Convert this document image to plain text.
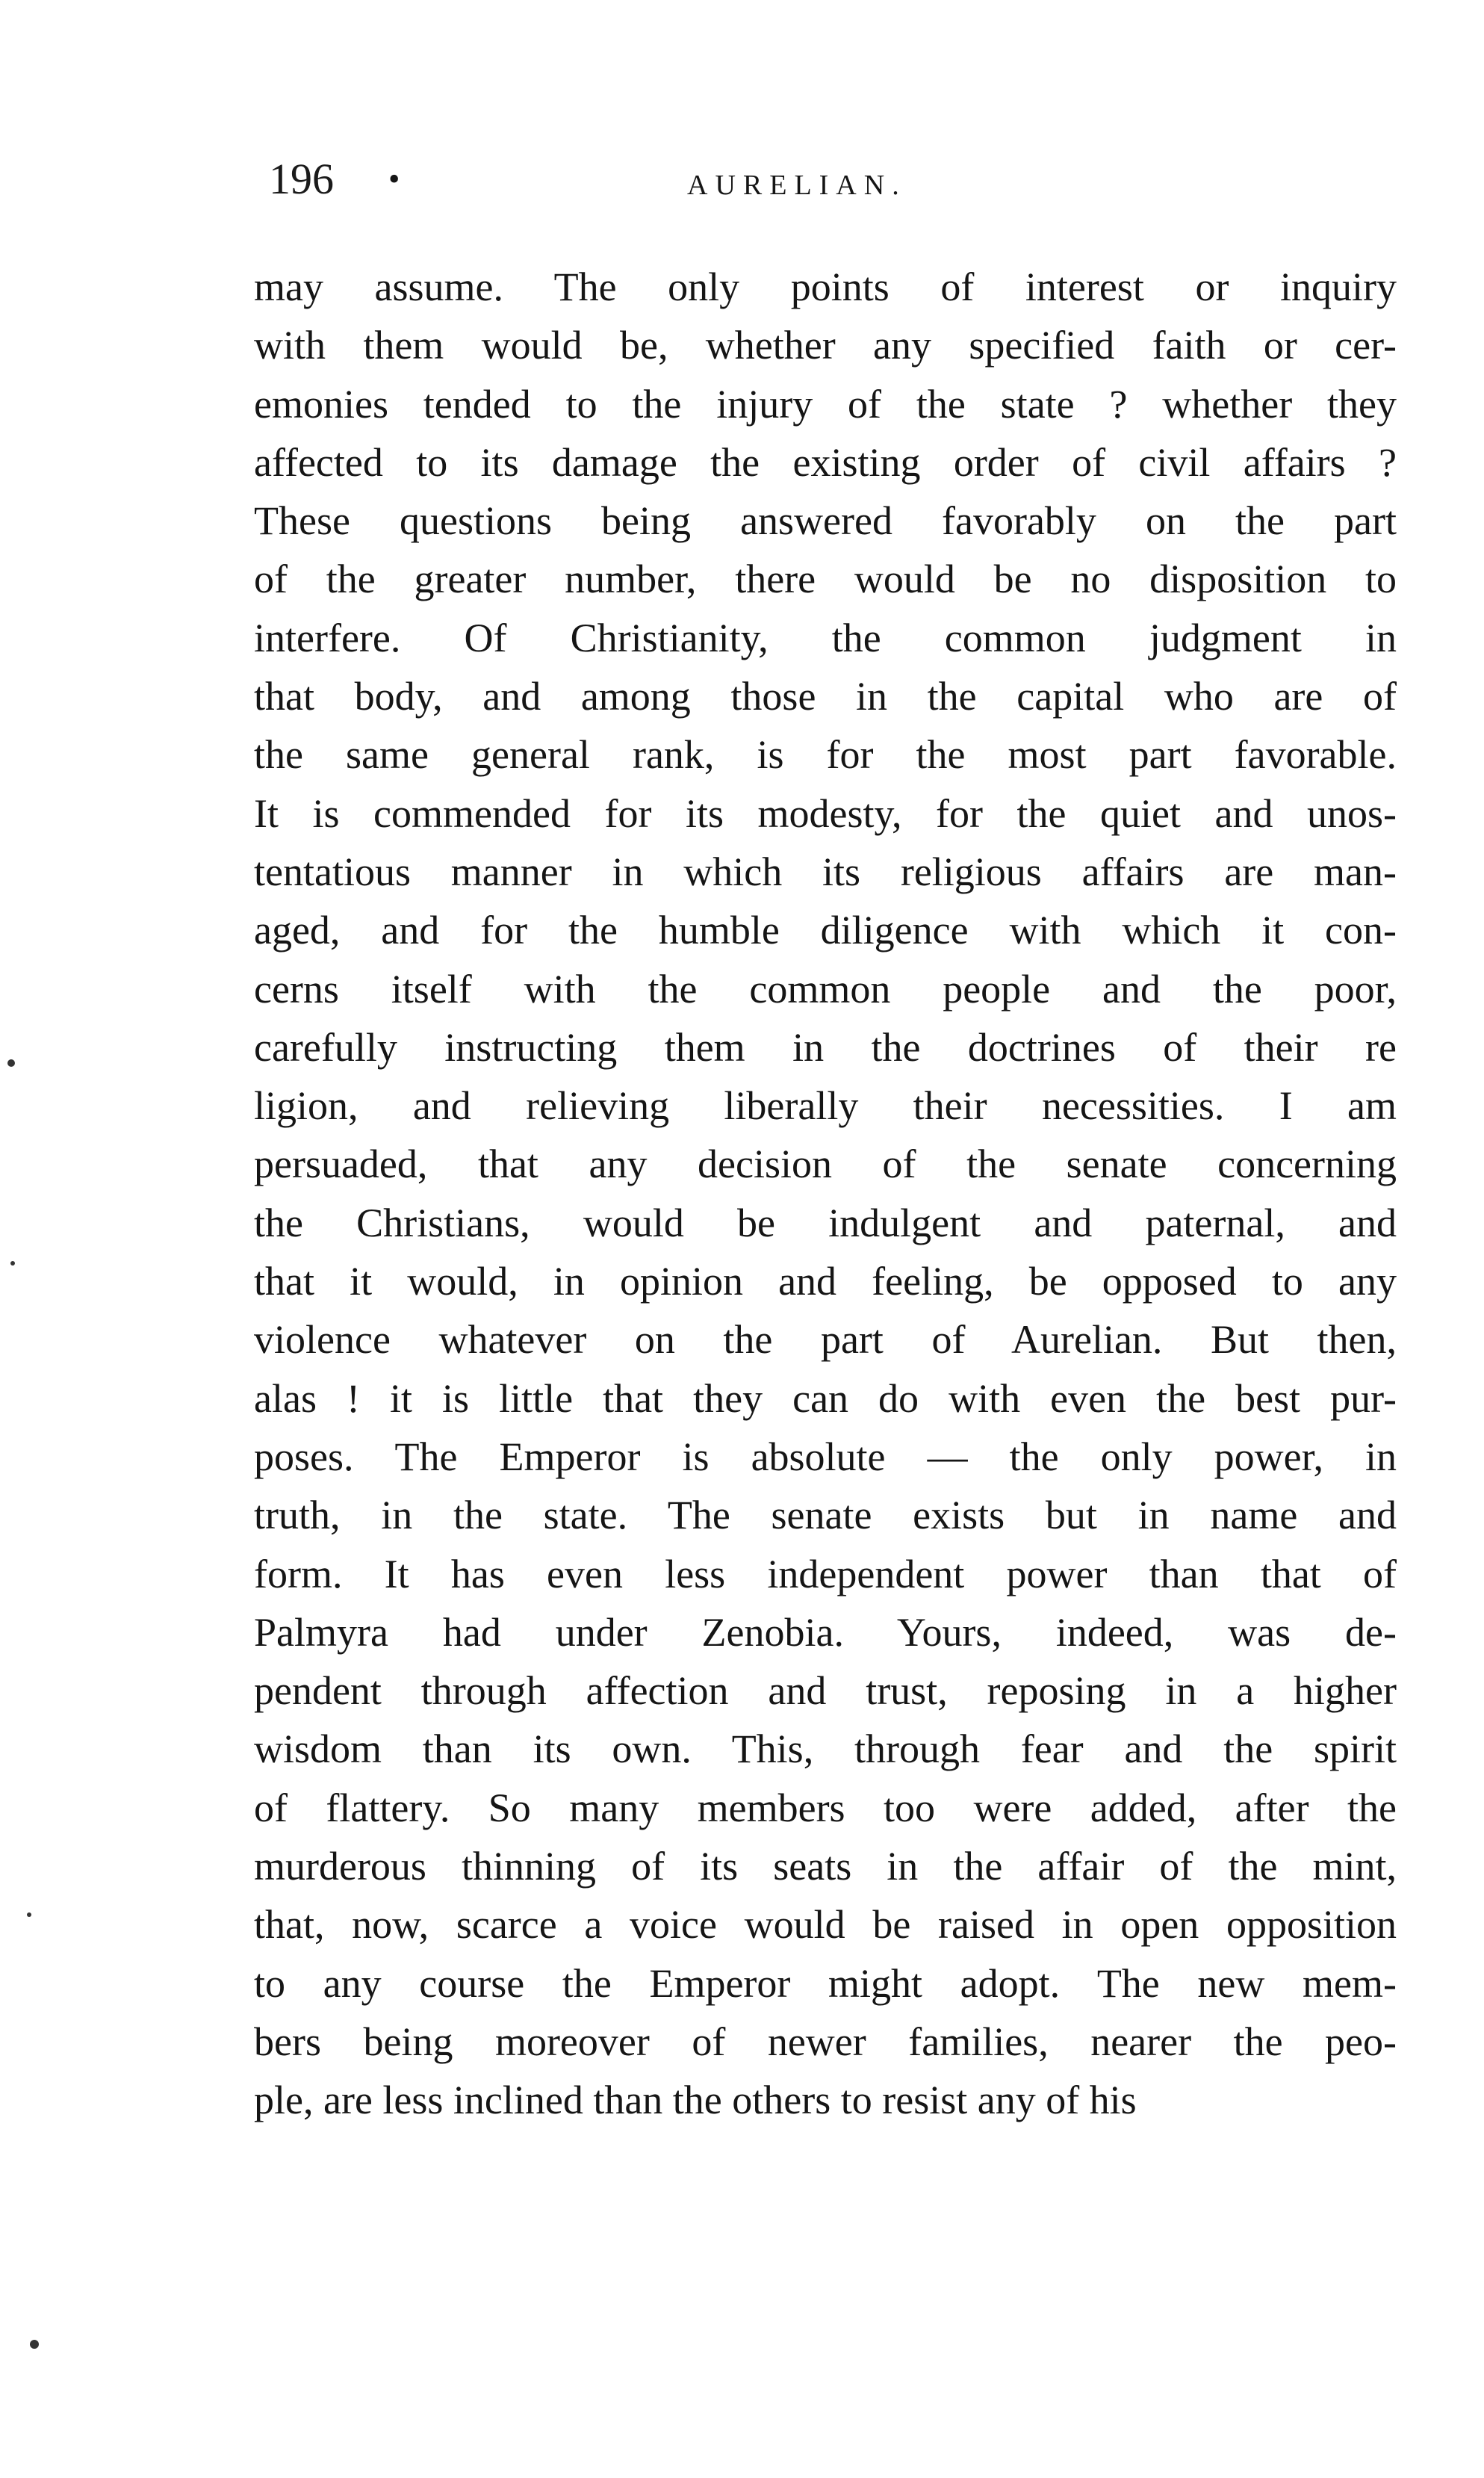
196 •	AURELIAN.
may assume. The only points of interest or inquiry
with them would be, whether any specified faith or cer-
emonies tended to the injury of the state ? whether they
affected to its damage the existing order of civil affairs ?
These questions being answered favorably on the part
of the greater number, there would be no disposition to
interfere. Of Christianity, the common judgment in
that body, and among those in the capital who are of
the same general rank, is for the most part favorable.
It is commended for its modesty, for the quiet and unos-
tentatious manner in which its religious affairs are man-
aged, and for the humble diligence with which it con-
cerns itself with the common people and the poor,
carefully instructing them in the doctrines of their re
ligion, and relieving liberally their necessities. I am
persuaded, that any decision of the senate concerning
the Christians, would be indulgent and paternal, and
that it would, in opinion and feeling, be opposed to any
violence whatever on the part of Aurelian. But then,
alas ! it is little that they can do with even the best pur-
poses. The Emperor is absolute — the only power, in
truth, in the state. The senate exists but in name and
form. It has even less independent power than that of
Palmyra had under Zenobia. Yours, indeed, was de-
pendent through affection and trust, reposing in a higher
wisdom than its own. This, through fear and the spirit
of flattery. So many members too were added, after the
murderous thinning of its seats in the affair of the mint,
that, now, scarce a voice would be raised in open opposition
to any course the Emperor might adopt. The new mem-
bers being moreover of newer families, nearer the peo-
ple, are less inclined than the others to resist any of his
